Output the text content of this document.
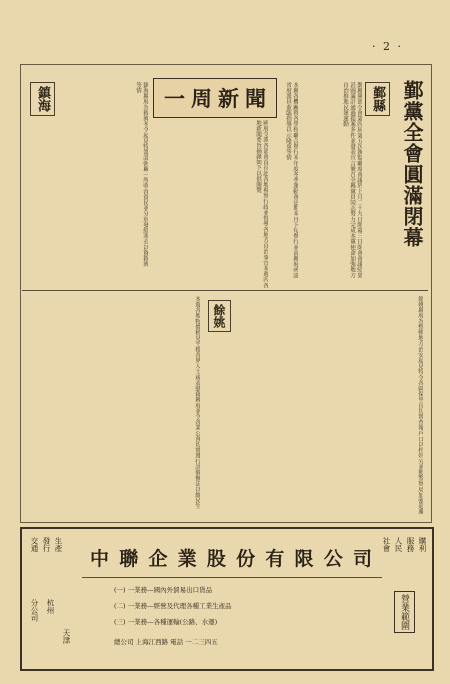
· 2 ·
鄞黨全會圓滿閉幕
鄞縣
鄞縣黨部全會第四屆第五次執監聯席會議於上月二十九日開幕三日閉會會議結果甚圓滿計通過提案多件並發表宣言號召全縣黨員同志努力完成本黨使命加強地方自治推進民眾運動
本縣各機關暨各學校聯合舉行本年度冬季運動會定期本月下旬舉行並由縣府函請省府派員蒞臨指導以示隆重等情
一 周 新 聞
國府令派各部會首長赴各地視察行政並督導各地方自治事宜本週內各地新聞要旨摘錄如下以供閱覽
鎮海	鎮海縣府為救濟冬令起見特籌設粥廠一所收容貧民並分別發給寒衣以資救濟等情
餘姚	餘姚縣府為整頓地方治安起見特令各區保甲長切實查報戶口以杜奸宄並飭警察局加強巡邏
本週各地物價稍見平穩各界人士咸表慰藉縣府並令各業公會切實遵行評價辦法以維民生
中 聯 企 業 股 份 有 限 公 司
(一) 一業務—國內外貿易出口貨品
(二) 一業務—經營及代理各種工業生產品
(三) 一業務—各種運輸(公路、水運)
總公司 上海江西路 電話 一二三四五
交通 發行 生產
分公司 杭州
天津
購利
服務
人民
社會
營業範圍
